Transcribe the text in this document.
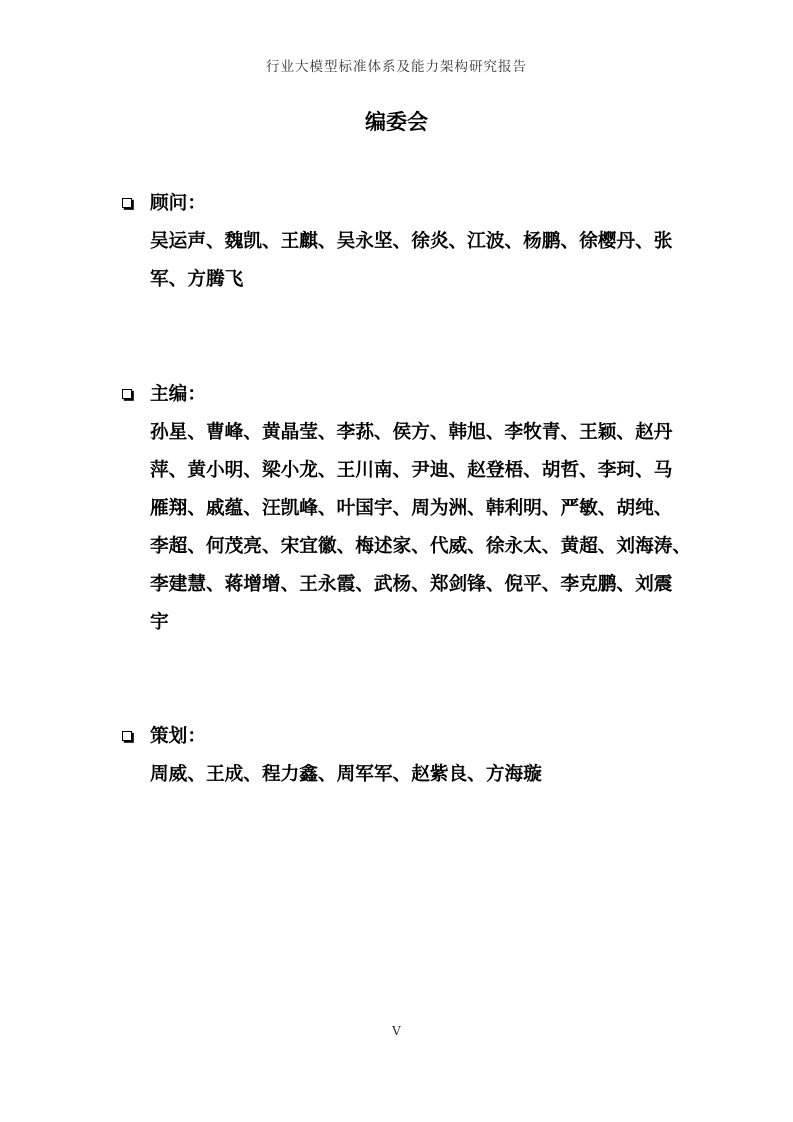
行业大模型标准体系及能力架构研究报告
编委会
顾问：
吴运声、魏凯、王麒、吴永坚、徐炎、江波、杨鹏、徐樱丹、张
军、方腾飞
主编：
孙星、曹峰、黄晶莹、李荪、侯方、韩旭、李牧青、王颖、赵丹
萍、黄小明、梁小龙、王川南、尹迪、赵登梧、胡哲、李珂、马
雁翔、戚蕴、汪凯峰、叶国宇、周为洲、韩利明、严敏、胡纯、
李超、何茂亮、宋宜徽、梅述家、代威、徐永太、黄超、刘海涛、
李建慧、蒋增增、王永霞、武杨、郑剑锋、倪平、李克鹏、刘震
宇
策划：
周威、王成、程力鑫、周军军、赵紫良、方海璇
V
